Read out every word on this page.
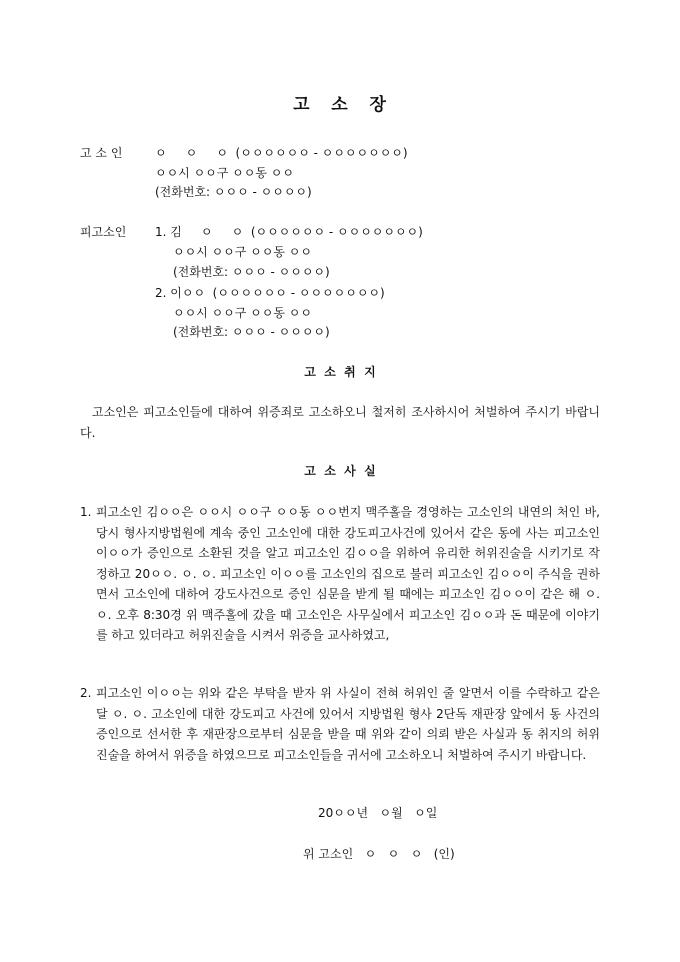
고   소   장
고 소 인	ㅇ     ㅇ     ㅇ  (ㅇㅇㅇㅇㅇㅇ - ㅇㅇㅇㅇㅇㅇㅇ)
ㅇㅇ시 ㅇㅇ구 ㅇㅇ동 ㅇㅇ
(전화번호: ㅇㅇㅇ - ㅇㅇㅇㅇ)
피고소인 1. 김     ㅇ     ㅇ  (ㅇㅇㅇㅇㅇㅇ - ㅇㅇㅇㅇㅇㅇㅇ)
ㅇㅇ시 ㅇㅇ구 ㅇㅇ동 ㅇㅇ
(전화번호: ㅇㅇㅇ - ㅇㅇㅇㅇ)
2. 이ㅇㅇ  (ㅇㅇㅇㅇㅇㅇ - ㅇㅇㅇㅇㅇㅇㅇ)
ㅇㅇ시 ㅇㅇ구 ㅇㅇ동 ㅇㅇ
(전화번호: ㅇㅇㅇ - ㅇㅇㅇㅇ)
고  소  취  지
고소인은 피고소인들에 대하여 위증죄로 고소하오니 철저히 조사하시어 처벌하여 주시기 바랍니다.
고  소  사  실
1. 피고소인 김ㅇㅇ은 ㅇㅇ시 ㅇㅇ구 ㅇㅇ동 ㅇㅇ번지 맥주홀을 경영하는 고소인의 내연의 처인 바, 당시 형사지방법원에 계속 중인 고소인에 대한 강도피고사건에 있어서 같은 동에 사는 피고소인 이ㅇㅇ가 증인으로 소환된 것을 알고 피고소인 김ㅇㅇ을 위하여 유리한 허위진술을 시키기로 작정하고 20ㅇㅇ. ㅇ. ㅇ. 피고소인 이ㅇㅇ를 고소인의 집으로 불러 피고소인 김ㅇㅇ이 주식을 권하면서 고소인에 대하여 강도사건으로 증인 심문을 받게 될 때에는 피고소인 김ㅇㅇ이 같은 해 ㅇ. ㅇ. 오후 8:30경 위 맥주홀에 갔을 때 고소인은 사무실에서 피고소인 김ㅇㅇ과 돈 때문에 이야기를 하고 있더라고 허위진술을 시켜서 위증을 교사하였고,
2. 피고소인 이ㅇㅇ는 위와 같은 부탁을 받자 위 사실이 전혀 허위인 줄 알면서 이를 수락하고 같은 달 ㅇ. ㅇ. 고소인에 대한 강도피고 사건에 있어서 지방법원 형사 2단독 재판장 앞에서 동 사건의 증인으로 선서한 후 재판장으로부터 심문을 받을 때 위와 같이 의뢰 받은 사실과 동 취지의 허위진술을 하여서 위증을 하였으므로 피고소인들을 귀서에 고소하오니 처벌하여 주시기 바랍니다.
20ㅇㅇ년   ㅇ월   ㅇ일
위 고소인   ㅇ   ㅇ   ㅇ   (인)
